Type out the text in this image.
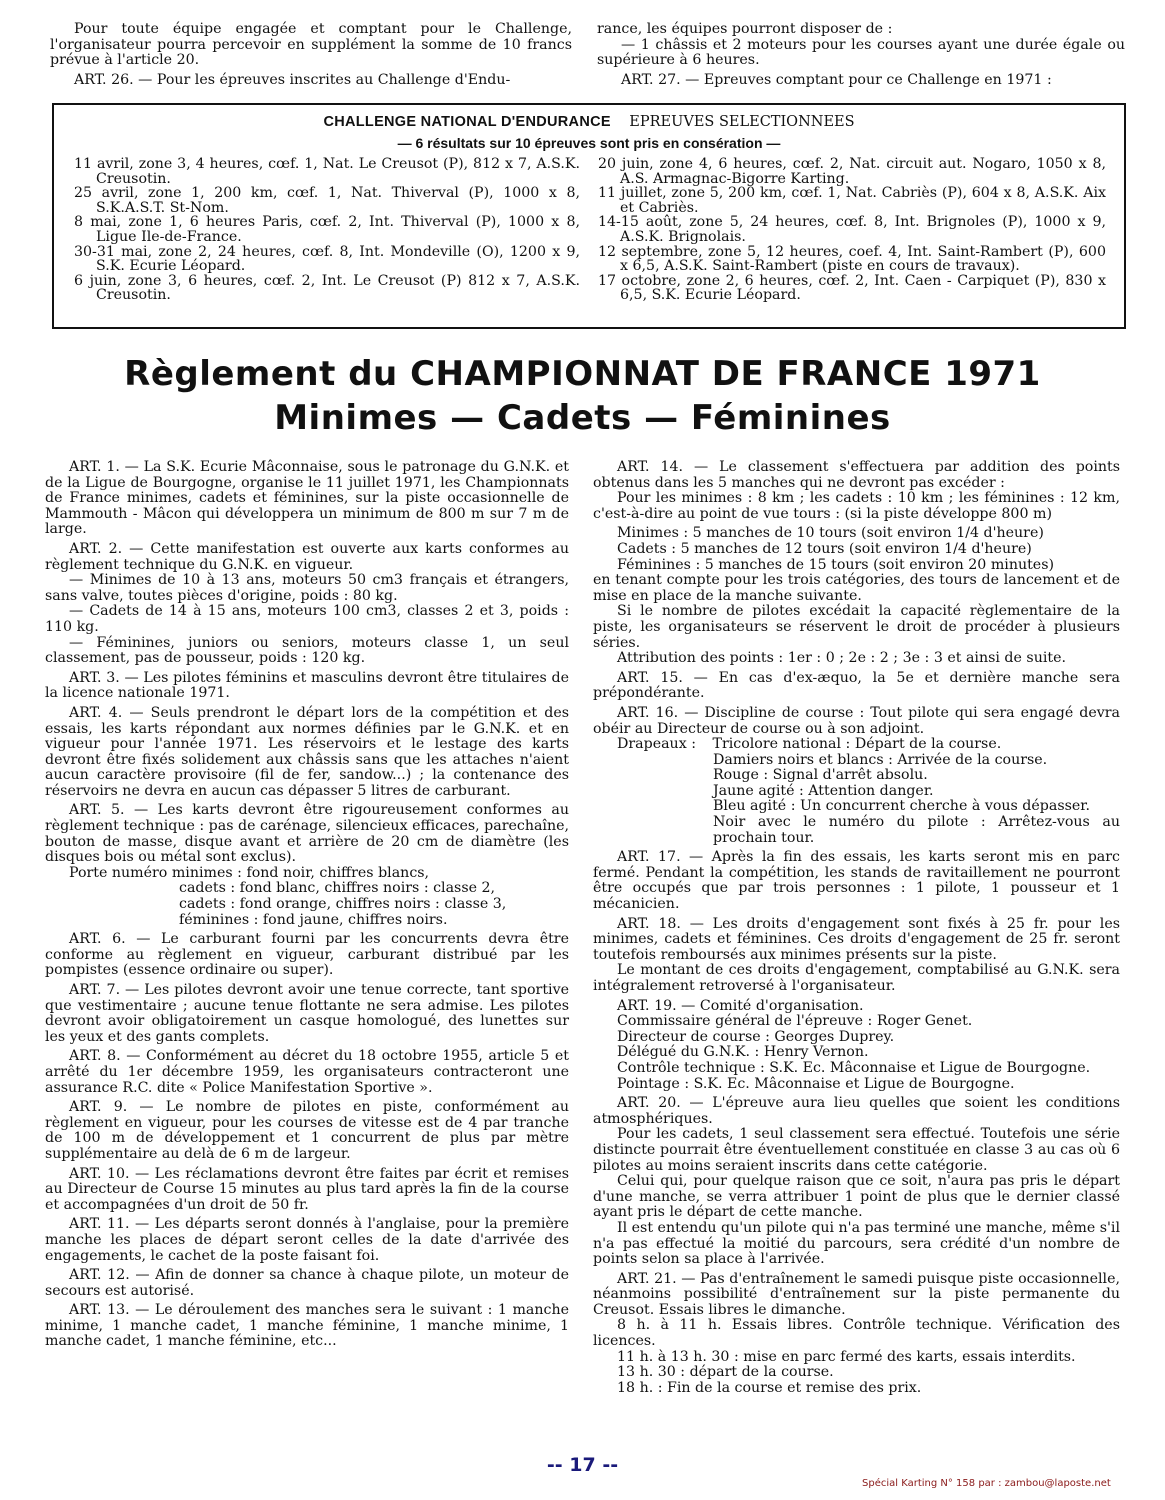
Pour toute équipe engagée et comptant pour le Challenge, l'organisateur pourra percevoir en supplément la somme de 10 francs prévue à l'article 20.

ART. 26. — Pour les épreuves inscrites au Challenge d'Endu-

rance, les équipes pourront disposer de :

— 1 châssis et 2 moteurs pour les courses ayant une durée égale ou supérieure à 6 heures.

ART. 27. — Epreuves comptant pour ce Challenge en 1971 :

CHALLENGE NATIONAL D'ENDURANCE EPREUVES SELECTIONNEES
— 6 résultats sur 10 épreuves sont pris en consération —

11 avril, zone 3, 4 heures, cœf. 1, Nat. Le Creusot (P), 812 x 7, A.S.K. Creusotin.

25 avril, zone 1, 200 km, cœf. 1, Nat. Thiverval (P), 1000 x 8, S.K.A.S.T. St-Nom.

8 mai, zone 1, 6 heures Paris, cœf. 2, Int. Thiverval (P), 1000 x 8, Ligue Ile-de-France.

30-31 mai, zone 2, 24 heures, cœf. 8, Int. Mondeville (O), 1200 x 9, S.K. Ecurie Léopard.

6 juin, zone 3, 6 heures, cœf. 2, Int. Le Creusot (P) 812 x 7, A.S.K. Creusotin.

20 juin, zone 4, 6 heures, cœf. 2, Nat. circuit aut. Nogaro, 1050 x 8, A.S. Armagnac-Bigorre Karting.

11 juillet, zone 5, 200 km, cœf. 1, Nat. Cabriès (P), 604 x 8, A.S.K. Aix et Cabriès.

14-15 août, zone 5, 24 heures, cœf. 8, Int. Brignoles (P), 1000 x 9, A.S.K. Brignolais.

12 septembre, zone 5, 12 heures, coef. 4, Int. Saint-Rambert (P), 600 x 6,5, A.S.K. Saint-Rambert (piste en cours de travaux).

17 octobre, zone 2, 6 heures, cœf. 2, Int. Caen - Carpiquet (P), 830 x 6,5, S.K. Ecurie Léopard.

Règlement du CHAMPIONNAT DE FRANCE 1971
Minimes — Cadets — Féminines

ART. 1. — La S.K. Ecurie Mâconnaise, sous le patronage du G.N.K. et de la Ligue de Bourgogne, organise le 11 juillet 1971, les Championnats de France minimes, cadets et féminines, sur la piste occasionnelle de Mammouth - Mâcon qui développera un minimum de 800 m sur 7 m de large.

ART. 2. — Cette manifestation est ouverte aux karts conformes au règlement technique du G.N.K. en vigueur.

— Minimes de 10 à 13 ans, moteurs 50 cm3 français et étrangers, sans valve, toutes pièces d'origine, poids : 80 kg.

— Cadets de 14 à 15 ans, moteurs 100 cm3, classes 2 et 3, poids : 110 kg.

— Féminines, juniors ou seniors, moteurs classe 1, un seul classement, pas de pousseur, poids : 120 kg.

ART. 3. — Les pilotes féminins et masculins devront être titulaires de la licence nationale 1971.

ART. 4. — Seuls prendront le départ lors de la compétition et des essais, les karts répondant aux normes définies par le G.N.K. et en vigueur pour l'année 1971. Les réservoirs et le lestage des karts devront être fixés solidement aux châssis sans que les attaches n'aient aucun caractère provisoire (fil de fer, sandow...) ; la contenance des réservoirs ne devra en aucun cas dépasser 5 litres de carburant.

ART. 5. — Les karts devront être rigoureusement conformes au règlement technique : pas de carénage, silencieux efficaces, parechaîne, bouton de masse, disque avant et arrière de 20 cm de diamètre (les disques bois ou métal sont exclus).

Porte numéro minimes : fond noir, chiffres blancs,

cadets : fond blanc, chiffres noirs : classe 2,

cadets : fond orange, chiffres noirs : classe 3,

féminines : fond jaune, chiffres noirs.

ART. 6. — Le carburant fourni par les concurrents devra être conforme au règlement en vigueur, carburant distribué par les pompistes (essence ordinaire ou super).

ART. 7. — Les pilotes devront avoir une tenue correcte, tant sportive que vestimentaire ; aucune tenue flottante ne sera admise. Les pilotes devront avoir obligatoirement un casque homologué, des lunettes sur les yeux et des gants complets.

ART. 8. — Conformément au décret du 18 octobre 1955, article 5 et arrêté du 1er décembre 1959, les organisateurs contracteront une assurance R.C. dite « Police Manifestation Sportive ».

ART. 9. — Le nombre de pilotes en piste, conformément au règlement en vigueur, pour les courses de vitesse est de 4 par tranche de 100 m de développement et 1 concurrent de plus par mètre supplémentaire au delà de 6 m de largeur.

ART. 10. — Les réclamations devront être faites par écrit et remises au Directeur de Course 15 minutes au plus tard après la fin de la course et accompagnées d'un droit de 50 fr.

ART. 11. — Les départs seront donnés à l'anglaise, pour la première manche les places de départ seront celles de la date d'arrivée des engagements, le cachet de la poste faisant foi.

ART. 12. — Afin de donner sa chance à chaque pilote, un moteur de secours est autorisé.

ART. 13. — Le déroulement des manches sera le suivant : 1 manche minime, 1 manche cadet, 1 manche féminine, 1 manche minime, 1 manche cadet, 1 manche féminine, etc...

ART. 14. — Le classement s'effectuera par addition des points obtenus dans les 5 manches qui ne devront pas excéder :

Pour les minimes : 8 km ; les cadets : 10 km ; les féminines : 12 km, c'est-à-dire au point de vue tours : (si la piste développe 800 m)

Minimes : 5 manches de 10 tours (soit environ 1/4 d'heure)

Cadets : 5 manches de 12 tours (soit environ 1/4 d'heure)

Féminines : 5 manches de 15 tours (soit environ 20 minutes)

en tenant compte pour les trois catégories, des tours de lancement et de mise en place de la manche suivante.

Si le nombre de pilotes excédait la capacité règlementaire de la piste, les organisateurs se réservent le droit de procéder à plusieurs séries.

Attribution des points : 1er : 0 ; 2e : 2 ; 3e : 3 et ainsi de suite.

ART. 15. — En cas d'ex-æquo, la 5e et dernière manche sera prépondérante.

ART. 16. — Discipline de course : Tout pilote qui sera engagé devra obéir au Directeur de course ou à son adjoint.

Drapeaux : Tricolore national : Départ de la course.

Damiers noirs et blancs : Arrivée de la course.

Rouge : Signal d'arrêt absolu.

Jaune agité : Attention danger.

Bleu agité : Un concurrent cherche à vous dépasser.

Noir avec le numéro du pilote : Arrêtez-vous au prochain tour.

ART. 17. — Après la fin des essais, les karts seront mis en parc fermé. Pendant la compétition, les stands de ravitaillement ne pourront être occupés que par trois personnes : 1 pilote, 1 pousseur et 1 mécanicien.

ART. 18. — Les droits d'engagement sont fixés à 25 fr. pour les minimes, cadets et féminines. Ces droits d'engagement de 25 fr. seront toutefois remboursés aux minimes présents sur la piste.

Le montant de ces droits d'engagement, comptabilisé au G.N.K. sera intégralement retroversé à l'organisateur.

ART. 19. — Comité d'organisation.

Commissaire général de l'épreuve : Roger Genet.

Directeur de course : Georges Duprey.

Délégué du G.N.K. : Henry Vernon.

Contrôle technique : S.K. Ec. Mâconnaise et Ligue de Bourgogne.

Pointage : S.K. Ec. Mâconnaise et Ligue de Bourgogne.

ART. 20. — L'épreuve aura lieu quelles que soient les conditions atmosphériques.

Pour les cadets, 1 seul classement sera effectué. Toutefois une série distincte pourrait être éventuellement constituée en classe 3 au cas où 6 pilotes au moins seraient inscrits dans cette catégorie.

Celui qui, pour quelque raison que ce soit, n'aura pas pris le départ d'une manche, se verra attribuer 1 point de plus que le dernier classé ayant pris le départ de cette manche.

Il est entendu qu'un pilote qui n'a pas terminé une manche, même s'il n'a pas effectué la moitié du parcours, sera crédité d'un nombre de points selon sa place à l'arrivée.

ART. 21. — Pas d'entraînement le samedi puisque piste occasionnelle, néanmoins possibilité d'entraînement sur la piste permanente du Creusot. Essais libres le dimanche.

8 h. à 11 h. Essais libres. Contrôle technique. Vérification des licences.

11 h. à 13 h. 30 : mise en parc fermé des karts, essais interdits.

13 h. 30 : départ de la course.

18 h. : Fin de la course et remise des prix.

-- 17 --
Spécial Karting N° 158 par : zambou@laposte.net
